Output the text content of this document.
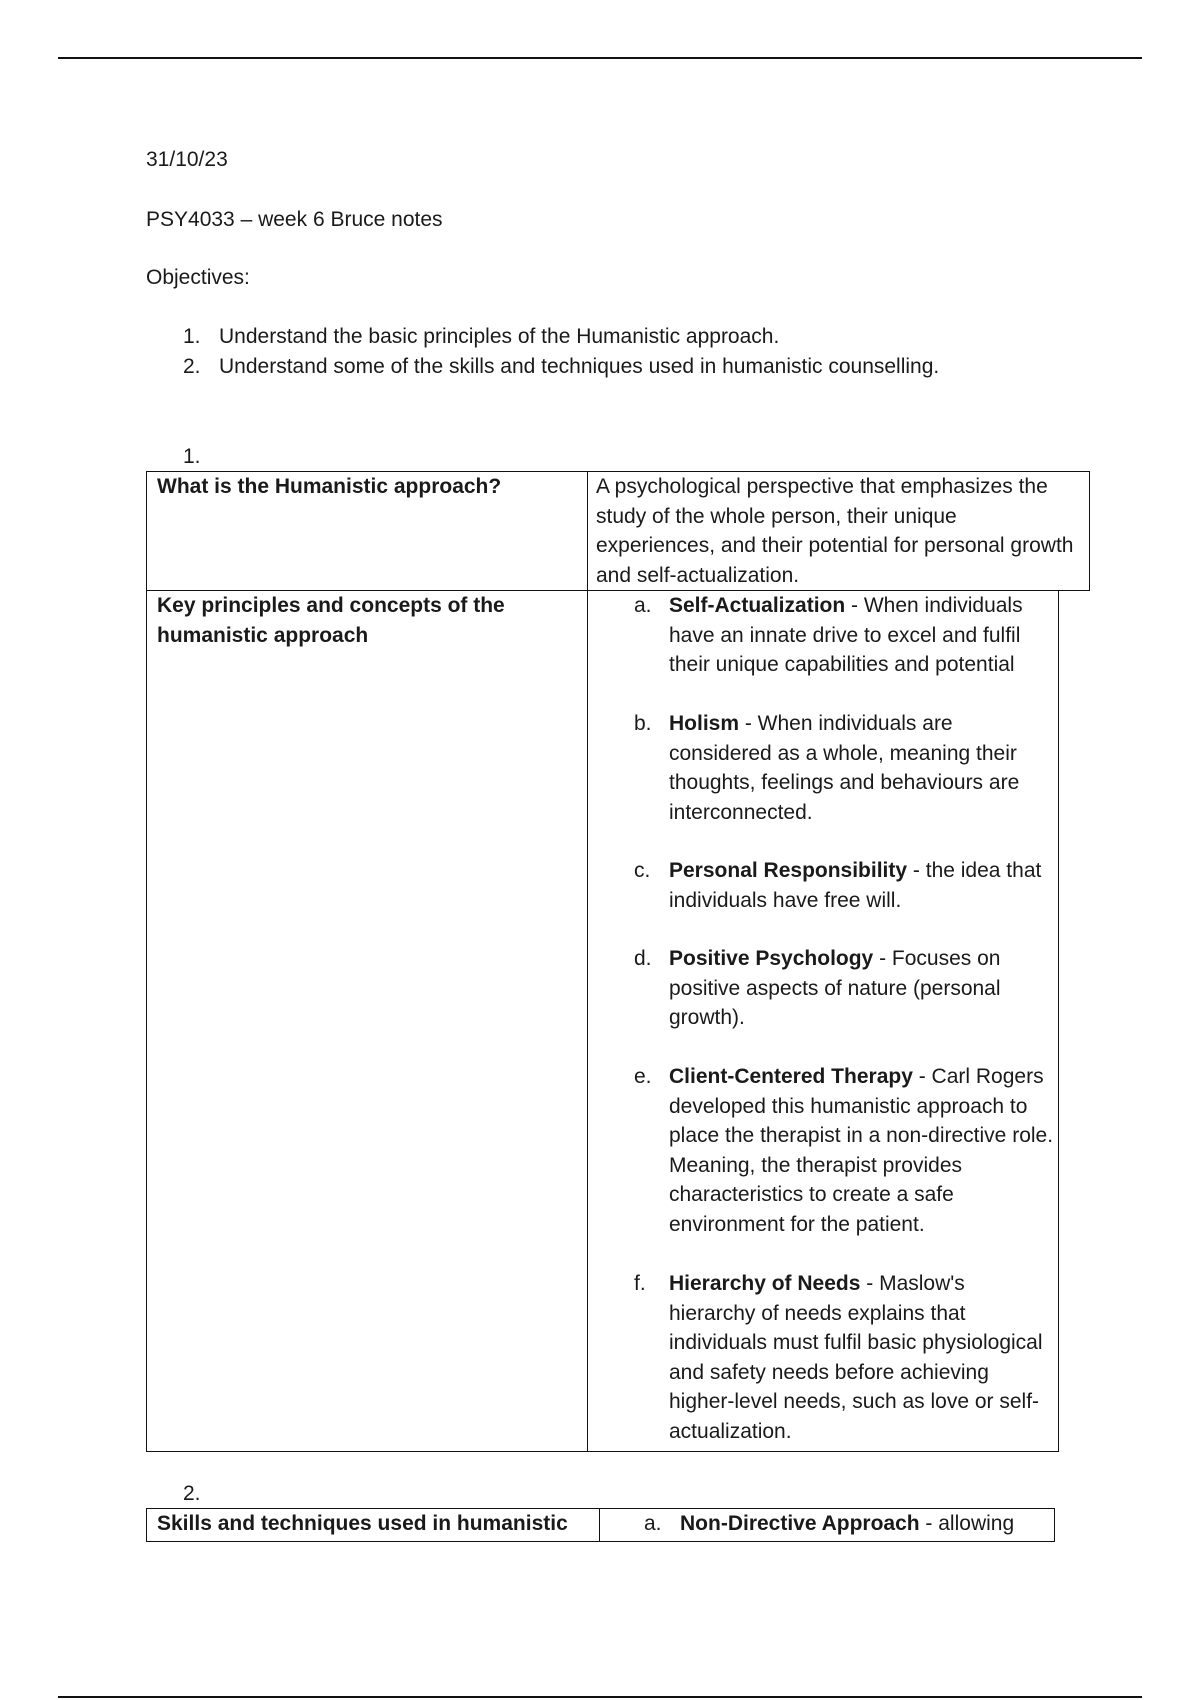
31/10/23
PSY4033 – week 6 Bruce notes
Objectives:
1. Understand the basic principles of the Humanistic approach.
2. Understand some of the skills and techniques used in humanistic counselling.
1.
What is the Humanistic approach?	A psychological perspective that emphasizes the study of the whole person, their unique experiences, and their potential for personal growth and self-actualization.
Key principles and concepts of the humanistic approach
a. Self-Actualization - When individuals have an innate drive to excel and fulfil their unique capabilities and potential
b. Holism - When individuals are considered as a whole, meaning their thoughts, feelings and behaviours are interconnected.
c. Personal Responsibility - the idea that individuals have free will.
d. Positive Psychology - Focuses on positive aspects of nature (personal growth).
e. Client-Centered Therapy - Carl Rogers developed this humanistic approach to place the therapist in a non-directive role. Meaning, the therapist provides characteristics to create a safe environment for the patient.
f. Hierarchy of Needs - Maslow's hierarchy of needs explains that individuals must fulfil basic physiological and safety needs before achieving higher-level needs, such as love or self-actualization.
2.
Skills and techniques used in humanistic	a. Non-Directive Approach - allowing
